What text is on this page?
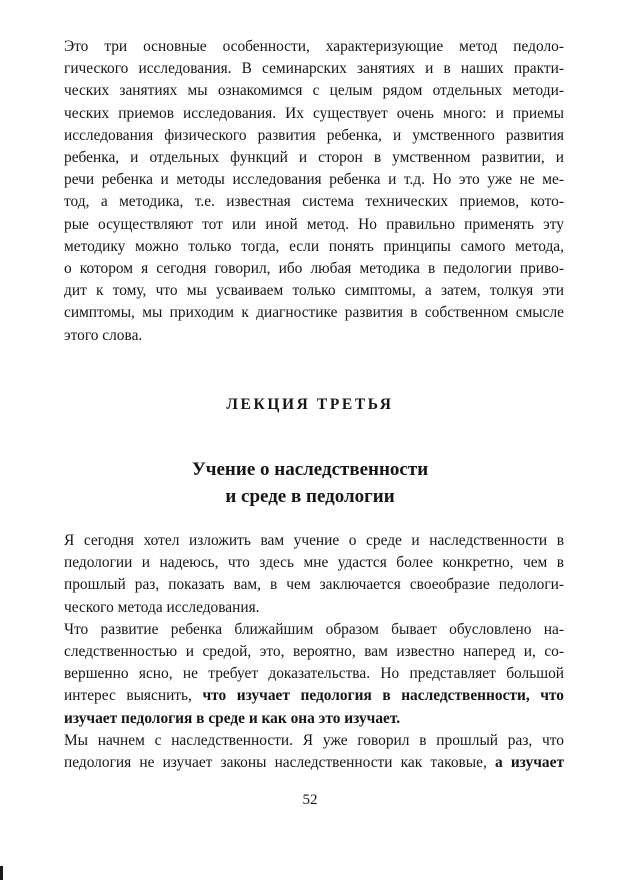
Это три основные особенности, характеризующие метод педоло-

гического исследования. В семинарских занятиях и в наших практи-

ческих занятиях мы ознакомимся с целым рядом отдельных методи-

ческих приемов исследования. Их существует очень много: и приемы

исследования физического развития ребенка, и умственного развития

ребенка, и отдельных функций и сторон в умственном развитии, и

речи ребенка и методы исследования ребенка и т.д. Но это уже не ме-

тод, а методика, т.е. известная система технических приемов, кото-

рые осуществляют тот или иной метод. Но правильно применять эту

методику можно только тогда, если понять принципы самого метода,

о котором я сегодня говорил, ибо любая методика в педологии приво-

дит к тому, что мы усваиваем только симптомы, а затем, толкуя эти

симптомы, мы приходим к диагностике развития в собственном смысле

этого слова.

ЛЕКЦИЯ ТРЕТЬЯ
Учение о наследственности
и среде в педологии

Я сегодня хотел изложить вам учение о среде и наследственности в

педологии и надеюсь, что здесь мне удастся более конкретно, чем в

прошлый раз, показать вам, в чем заключается своеобразие педологи-

ческого метода исследования.

Что развитие ребенка ближайшим образом бывает обусловлено на-

следственностью и средой, это, вероятно, вам известно наперед и, со-

вершенно ясно, не требует доказательства. Но представляет большой

интерес выяснить, что изучает педология в наследственности, что

изучает педология в среде и как она это изучает.

Мы начнем с наследственности. Я уже говорил в прошлый раз, что

педология не изучает законы наследственности как таковые, а изучает

52
